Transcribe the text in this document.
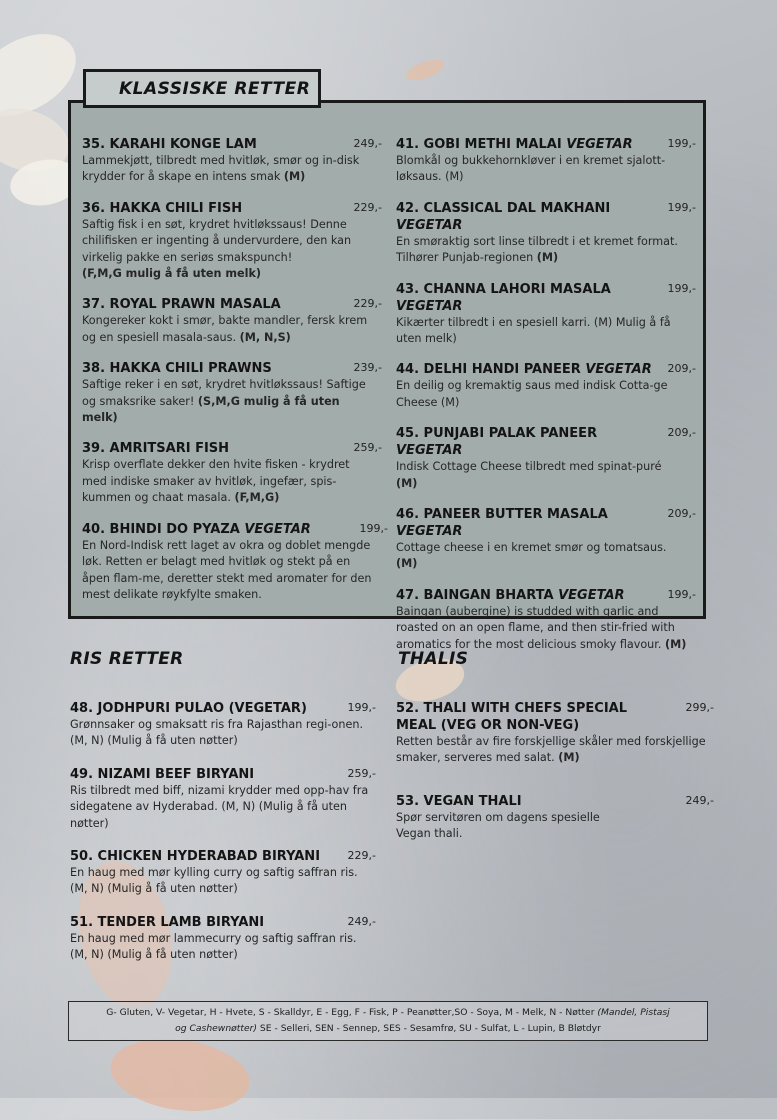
KLASSISKE RETTER
35. KARAHI KONGE LAM	249,-
Lammekjøtt, tilbredt med hvitløk, smør og in-disk krydder for å skape en intens smak (M)
36. HAKKA CHILI FISH	229,-
Saftig fisk i en søt, krydret hvitløkssaus! Denne chilifisken er ingenting å undervurdere, den kan virkelig pakke en seriøs smakspunch!
(F,M,G mulig å få uten melk)
37. ROYAL PRAWN MASALA	229,-
Kongereker kokt i smør, bakte mandler, fersk krem og en spesiell masala-saus. (M, N,S)
38. HAKKA CHILI PRAWNS	239,-
Saftige reker i en søt, krydret hvitløkssaus! Saftige og smaksrike saker! (S,M,G mulig å få uten melk)
39. AMRITSARI FISH	259,-
Krisp overflate dekker den hvite fisken - krydret med indiske smaker av hvitløk, ingefær, spis-kummen og chaat masala. (F,M,G)
40. BHINDI DO PYAZA VEGETAR	199,-
En Nord-Indisk rett laget av okra og doblet mengde løk. Retten er belagt med hvitløk og stekt på en åpen flam-me, deretter stekt med aromater for den mest delikate røykfylte smaken.
41. GOBI METHI MALAI VEGETAR	199,-
Blomkål og bukkehornkløver i en kremet sjalott-løksaus. (M)
42. CLASSICAL DAL MAKHANI VEGETAR
199,-
En smøraktig sort linse tilbredt i et kremet format. Tilhører Punjab-regionen (M)
43. CHANNA LAHORI MASALA VEGETAR
199,-
Kikærter tilbredt i en spesiell karri. (M) Mulig å få uten melk)
44. DELHI HANDI PANEER VEGETAR	209,-
En deilig og kremaktig saus med indisk Cotta-ge Cheese (M)
45. PUNJABI PALAK PANEER VEGETAR
209,-
Indisk Cottage Cheese tilbredt med spinat-puré
(M)
46. PANEER BUTTER MASALA VEGETAR
209,-
Cottage cheese i en kremet smør og tomatsaus.
(M)
47. BAINGAN BHARTA VEGETAR	199,-
Baingan (aubergine) is studded with garlic and roasted on an open flame, and then stir-fried with aromatics for the most delicious smoky flavour. (M)
RIS RETTER	THALIS
48. JODHPURI PULAO (VEGETAR)	199,-
Grønnsaker og smaksatt ris fra Rajasthan regi-onen. (M, N) (Mulig å få uten nøtter)
49. NIZAMI BEEF BIRYANI	259,-
Ris tilbredt med biff, nizami krydder med opp-hav fra sidegatene av Hyderabad. (M, N) (Mulig å få uten nøtter)
50. CHICKEN HYDERABAD BIRYANI	229,-
En haug med mør kylling curry og saftig saffran ris. (M, N) (Mulig å få uten nøtter)
51. TENDER LAMB BIRYANI	249,-
En haug med mør lammecurry og saftig saffran ris. (M, N) (Mulig å få uten nøtter)
52. THALI WITH CHEFS SPECIAL MEAL (VEG OR NON-VEG)
299,-
Retten består av fire forskjellige skåler med forskjellige smaker, serveres med salat. (M)
53. VEGAN THALI	249,-
Spør servitøren om dagens spesielle Vegan thali.
G- Gluten, V- Vegetar, H - Hvete, S - Skalldyr, E - Egg, F - Fisk, P - Peanøtter,SO - Soya, M - Melk, N - Nøtter (Mandel, Pistasj
og Cashewnøtter) SE - Selleri, SEN - Sennep, SES - Sesamfrø, SU - Sulfat, L - Lupin, B Bløtdyr
